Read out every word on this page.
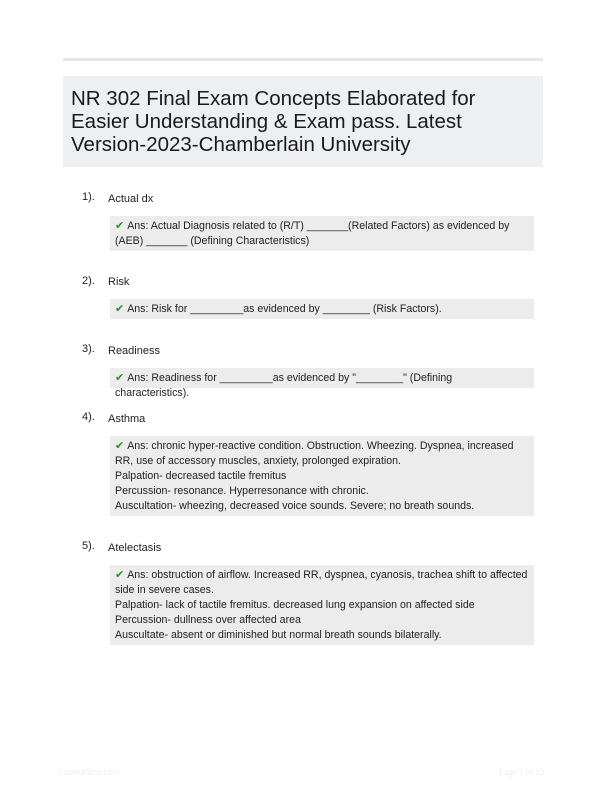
NR 302 Final Exam Concepts Elaborated for Easier Understanding & Exam pass. Latest Version-2023-Chamberlain University
1). Actual dx
✔ Ans: Actual Diagnosis related to (R/T) _______(Related Factors) as evidenced by (AEB) _______ (Defining Characteristics)
2). Risk
✔ Ans: Risk for _________as evidenced by ________ (Risk Factors).
3). Readiness
✔ Ans: Readiness for _________as evidenced by "________" (Defining characteristics).
4). Asthma
✔ Ans: chronic hyper-reactive condition. Obstruction. Wheezing. Dyspnea, increased RR, use of accessory muscles, anxiety, prolonged expiration.
Palpation- decreased tactile fremitus
Percussion- resonance. Hyperresonance with chronic.
Auscultation- wheezing, decreased voice sounds. Severe; no breath sounds.
5). Atelectasis
✔ Ans: obstruction of airflow. Increased RR, dyspnea, cyanosis, trachea shift to affected side in severe cases.
Palpation- lack of tactile fremitus. decreased lung expansion on affected side
Percussion- dullness over affected area
Auscultate- absent or diminished but normal breath sounds bilaterally.
Papersflow.com	Page 1 of 23
